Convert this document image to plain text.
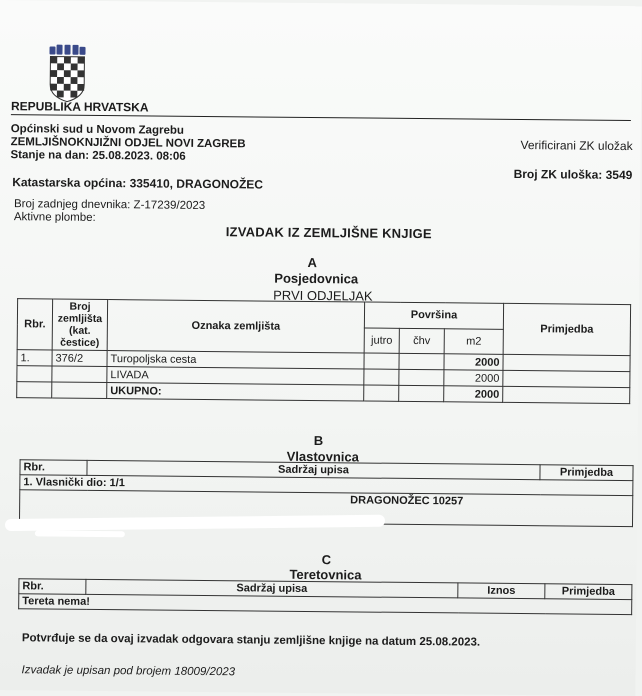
REPUBLIKA HRVATSKA
Općinski sud u Novom Zagrebu
ZEMLJIŠNOKNJIŽNI ODJEL NOVI ZAGREB
Stanje na dan: 25.08.2023. 08:06
Verificirani ZK uložak
Broj ZK uloška: 3549
Katastarska općina: 335410, DRAGONOŽEC
Broj zadnjeg dnevnika: Z-17239/2023
Aktivne plombe:
IZVADAK IZ ZEMLJIŠNE KNJIGE
A
Posjedovnica
PRVI ODJELJAK
Rbr.	Broj zemljišta (kat. čestice)	Oznaka zemljišta	Površina			Primjedba
			jutro	čhv	m2	
1.	376/2	Turopoljska cesta			2000	
		LIVADA			2000	
		UKUPNO:			2000	
B
Vlastovnica
Rbr.	Sadržaj upisa	Primjedba
1. Vlasnički dio: 1/1
DRAGONOŽEC 10257
C
Teretovnica
Rbr.	Sadržaj upisa	Iznos	Primjedba
Tereta nema!
Potvrđuje se da ovaj izvadak odgovara stanju zemljišne knjige na datum 25.08.2023.
Izvadak je upisan pod brojem 18009/2023
